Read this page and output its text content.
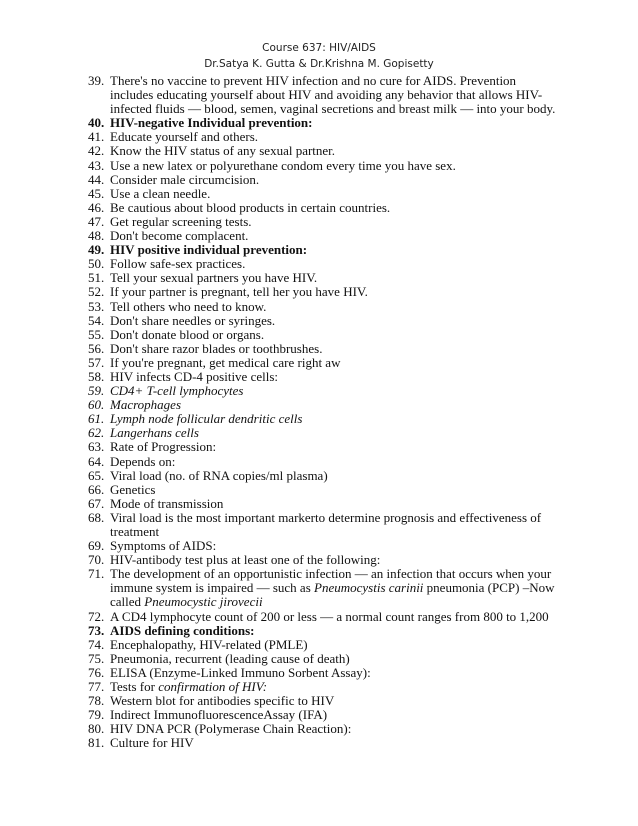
Course 637: HIV/AIDS
Dr.Satya K. Gutta & Dr.Krishna M. Gopisetty
39. There's no vaccine to prevent HIV infection and no cure for AIDS. Prevention includes educating yourself about HIV and avoiding any behavior that allows HIV-infected fluids — blood, semen, vaginal secretions and breast milk — into your body.
40. HIV-negative Individual prevention:
41. Educate yourself and others.
42. Know the HIV status of any sexual partner.
43. Use a new latex or polyurethane condom every time you have sex.
44. Consider male circumcision.
45. Use a clean needle.
46. Be cautious about blood products in certain countries.
47. Get regular screening tests.
48. Don't become complacent.
49. HIV positive individual prevention:
50. Follow safe-sex practices.
51. Tell your sexual partners you have HIV.
52. If your partner is pregnant, tell her you have HIV.
53. Tell others who need to know.
54. Don't share needles or syringes.
55. Don't donate blood or organs.
56. Don't share razor blades or toothbrushes.
57. If you're pregnant, get medical care right aw
58. HIV infects CD-4 positive cells:
59. CD4+ T-cell lymphocytes
60. Macrophages
61. Lymph node follicular dendritic cells
62. Langerhans cells
63. Rate of Progression:
64. Depends on:
65. Viral load (no. of RNA copies/ml plasma)
66. Genetics
67. Mode of transmission
68. Viral load is the most important markerto determine prognosis and effectiveness of treatment
69. Symptoms of AIDS:
70. HIV-antibody test plus at least one of the following:
71. The development of an opportunistic infection — an infection that occurs when your immune system is impaired — such as Pneumocystis carinii pneumonia (PCP) –Now called Pneumocystic jirovecii
72. A CD4 lymphocyte count of 200 or less — a normal count ranges from 800 to 1,200
73. AIDS defining conditions:
74. Encephalopathy, HIV-related (PMLE)
75. Pneumonia, recurrent (leading cause of death)
76. ELISA (Enzyme-Linked Immuno Sorbent Assay):
77. Tests for confirmation of HIV:
78. Western blot for antibodies specific to HIV
79. Indirect ImmunofluorescenceAssay (IFA)
80. HIV DNA PCR (Polymerase Chain Reaction):
81. Culture for HIV
